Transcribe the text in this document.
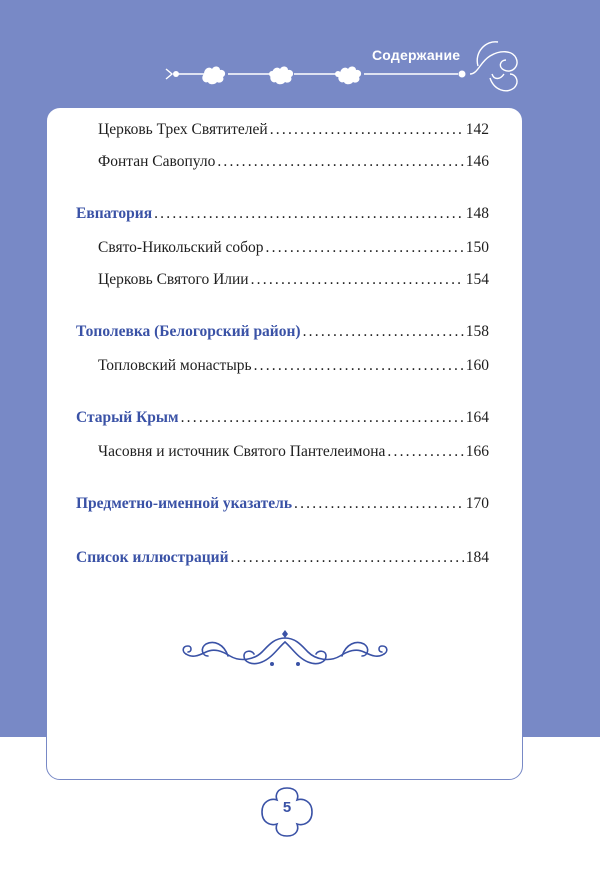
Содержание
Церковь Трех Святителей .....	142
Фонтан Савопуло .....	146
Евпатория .....	148
Свято-Никольский собор .....	150
Церковь Святого Илии .....	154
Тополевка (Белогорский район) .....	158
Топловский монастырь .....	160
Старый Крым .....	164
Часовня и источник Святого Пантелеимона .....	166
Предметно-именной указатель .....	170
Список иллюстраций .....	184
5
